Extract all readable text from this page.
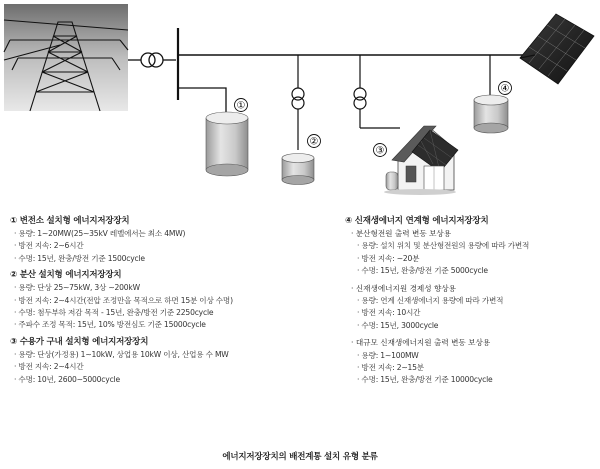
①
②
③
④
① 변전소 설치형 에너지저장장치
· 용량: 1~20MW(25~35kV 레벨에서는 최소 4MW)
· 방전 지속: 2~6시간
· 수명: 15년, 완충/방전 기준 1500cycle
② 분산 설치형 에너지저장장치
· 용량: 단상 25~75kW, 3상 ~200kW
· 방전 지속: 2~4시간(전압 조정만을 목적으로 하면 15분 이상 수명)
· 수명: 첨두부하 저감 목적 - 15년, 완충/방전 기준 2250cycle
· 주파수 조정 목적: 15년, 10% 방전심도 기준 15000cycle
③ 수용가 구내 설치형 에너지저장장치
· 용량: 단상(가정용) 1~10kW, 상업용 10kW 이상, 산업용 수 MW
· 방전 지속: 2~4시간
· 수명: 10년, 2600~5000cycle
④ 신재생에너지 연계형 에너지저장장치
· 분산형전원 출력 변동 보상용
· 용량: 설치 위치 및 분산형전원의 용량에 따라 가변적
· 방전 지속: ~20분
· 수명: 15년, 완충/방전 기준 5000cycle
· 신재생에너지원 경제성 향상용
· 용량: 연계 신재생에너지 용량에 따라 가변적
· 방전 지속: 10시간
· 수명: 15년, 3000cycle
· 대규모 신재생에너지원 출력 변동 보상용
· 용량: 1~100MW
· 방전 지속: 2~15분
· 수명: 15년, 완충/방전 기준 10000cycle
에너지저장장치의 배전계통 설치 유형 분류
